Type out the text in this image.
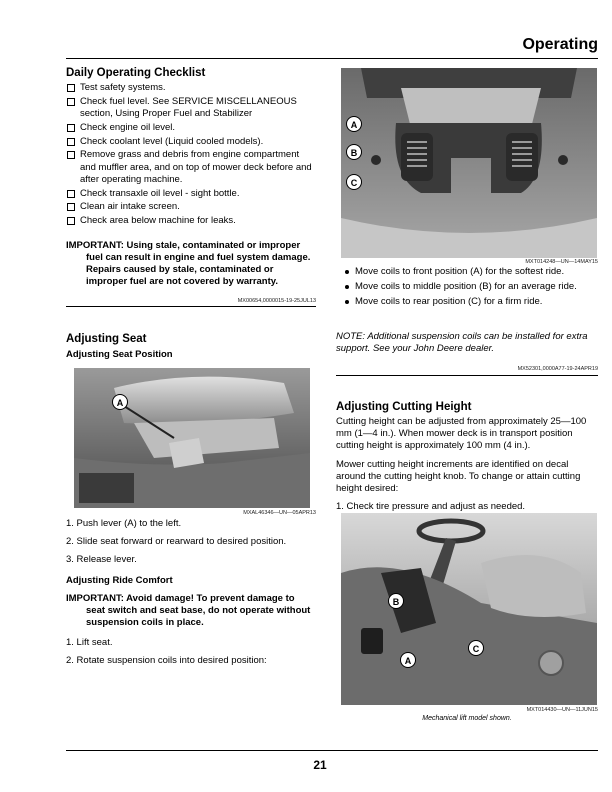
Operating
Daily Operating Checklist
Test safety systems.
Check fuel level. See SERVICE MISCELLANEOUS section, Using Proper Fuel and Stabilizer
Check engine oil level.
Check coolant level (Liquid cooled models).
Remove grass and debris from engine compartment and muffler area, and on top of mower deck before and after operating machine.
Check transaxle oil level - sight bottle.
Clean air intake screen.
Check area below machine for leaks.
IMPORTANT: Using stale, contaminated or improper
fuel can result in engine and fuel system damage. Repairs caused by stale, contaminated or improper fuel are not covered by warranty.
MX00654,0000015-19-25JUL13
Adjusting Seat
Adjusting Seat Position
A
MXAL46346—UN—05APR13
1. Push lever (A) to the left.
2. Slide seat forward or rearward to desired position.
3. Release lever.
Adjusting Ride Comfort
IMPORTANT: Avoid damage! To prevent damage to
seat switch and seat base, do not operate without suspension coils in place.
1. Lift seat.
2. Rotate suspension coils into desired position:
A
B
C
MXT014248—UN—14MAY15
Move coils to front position (A) for the softest ride.
Move coils to middle position (B) for an average ride.
Move coils to rear position (C) for a firm ride.
NOTE: Additional suspension coils can be installed for extra support. See your John Deere dealer.
MX52301,0000A77-19-24APR19
Adjusting Cutting Height
Cutting height can be adjusted from approximately 25—100 mm (1—4 in.). When mower deck is in transport position cutting height is approximately 100 mm (4 in.).
Mower cutting height increments are identified on decal around the cutting height knob. To change or attain cutting height desired:
1. Check tire pressure and adjust as needed.
B
A
C
MXT014430—UN—11JUN15
Mechanical lift model shown.
21
